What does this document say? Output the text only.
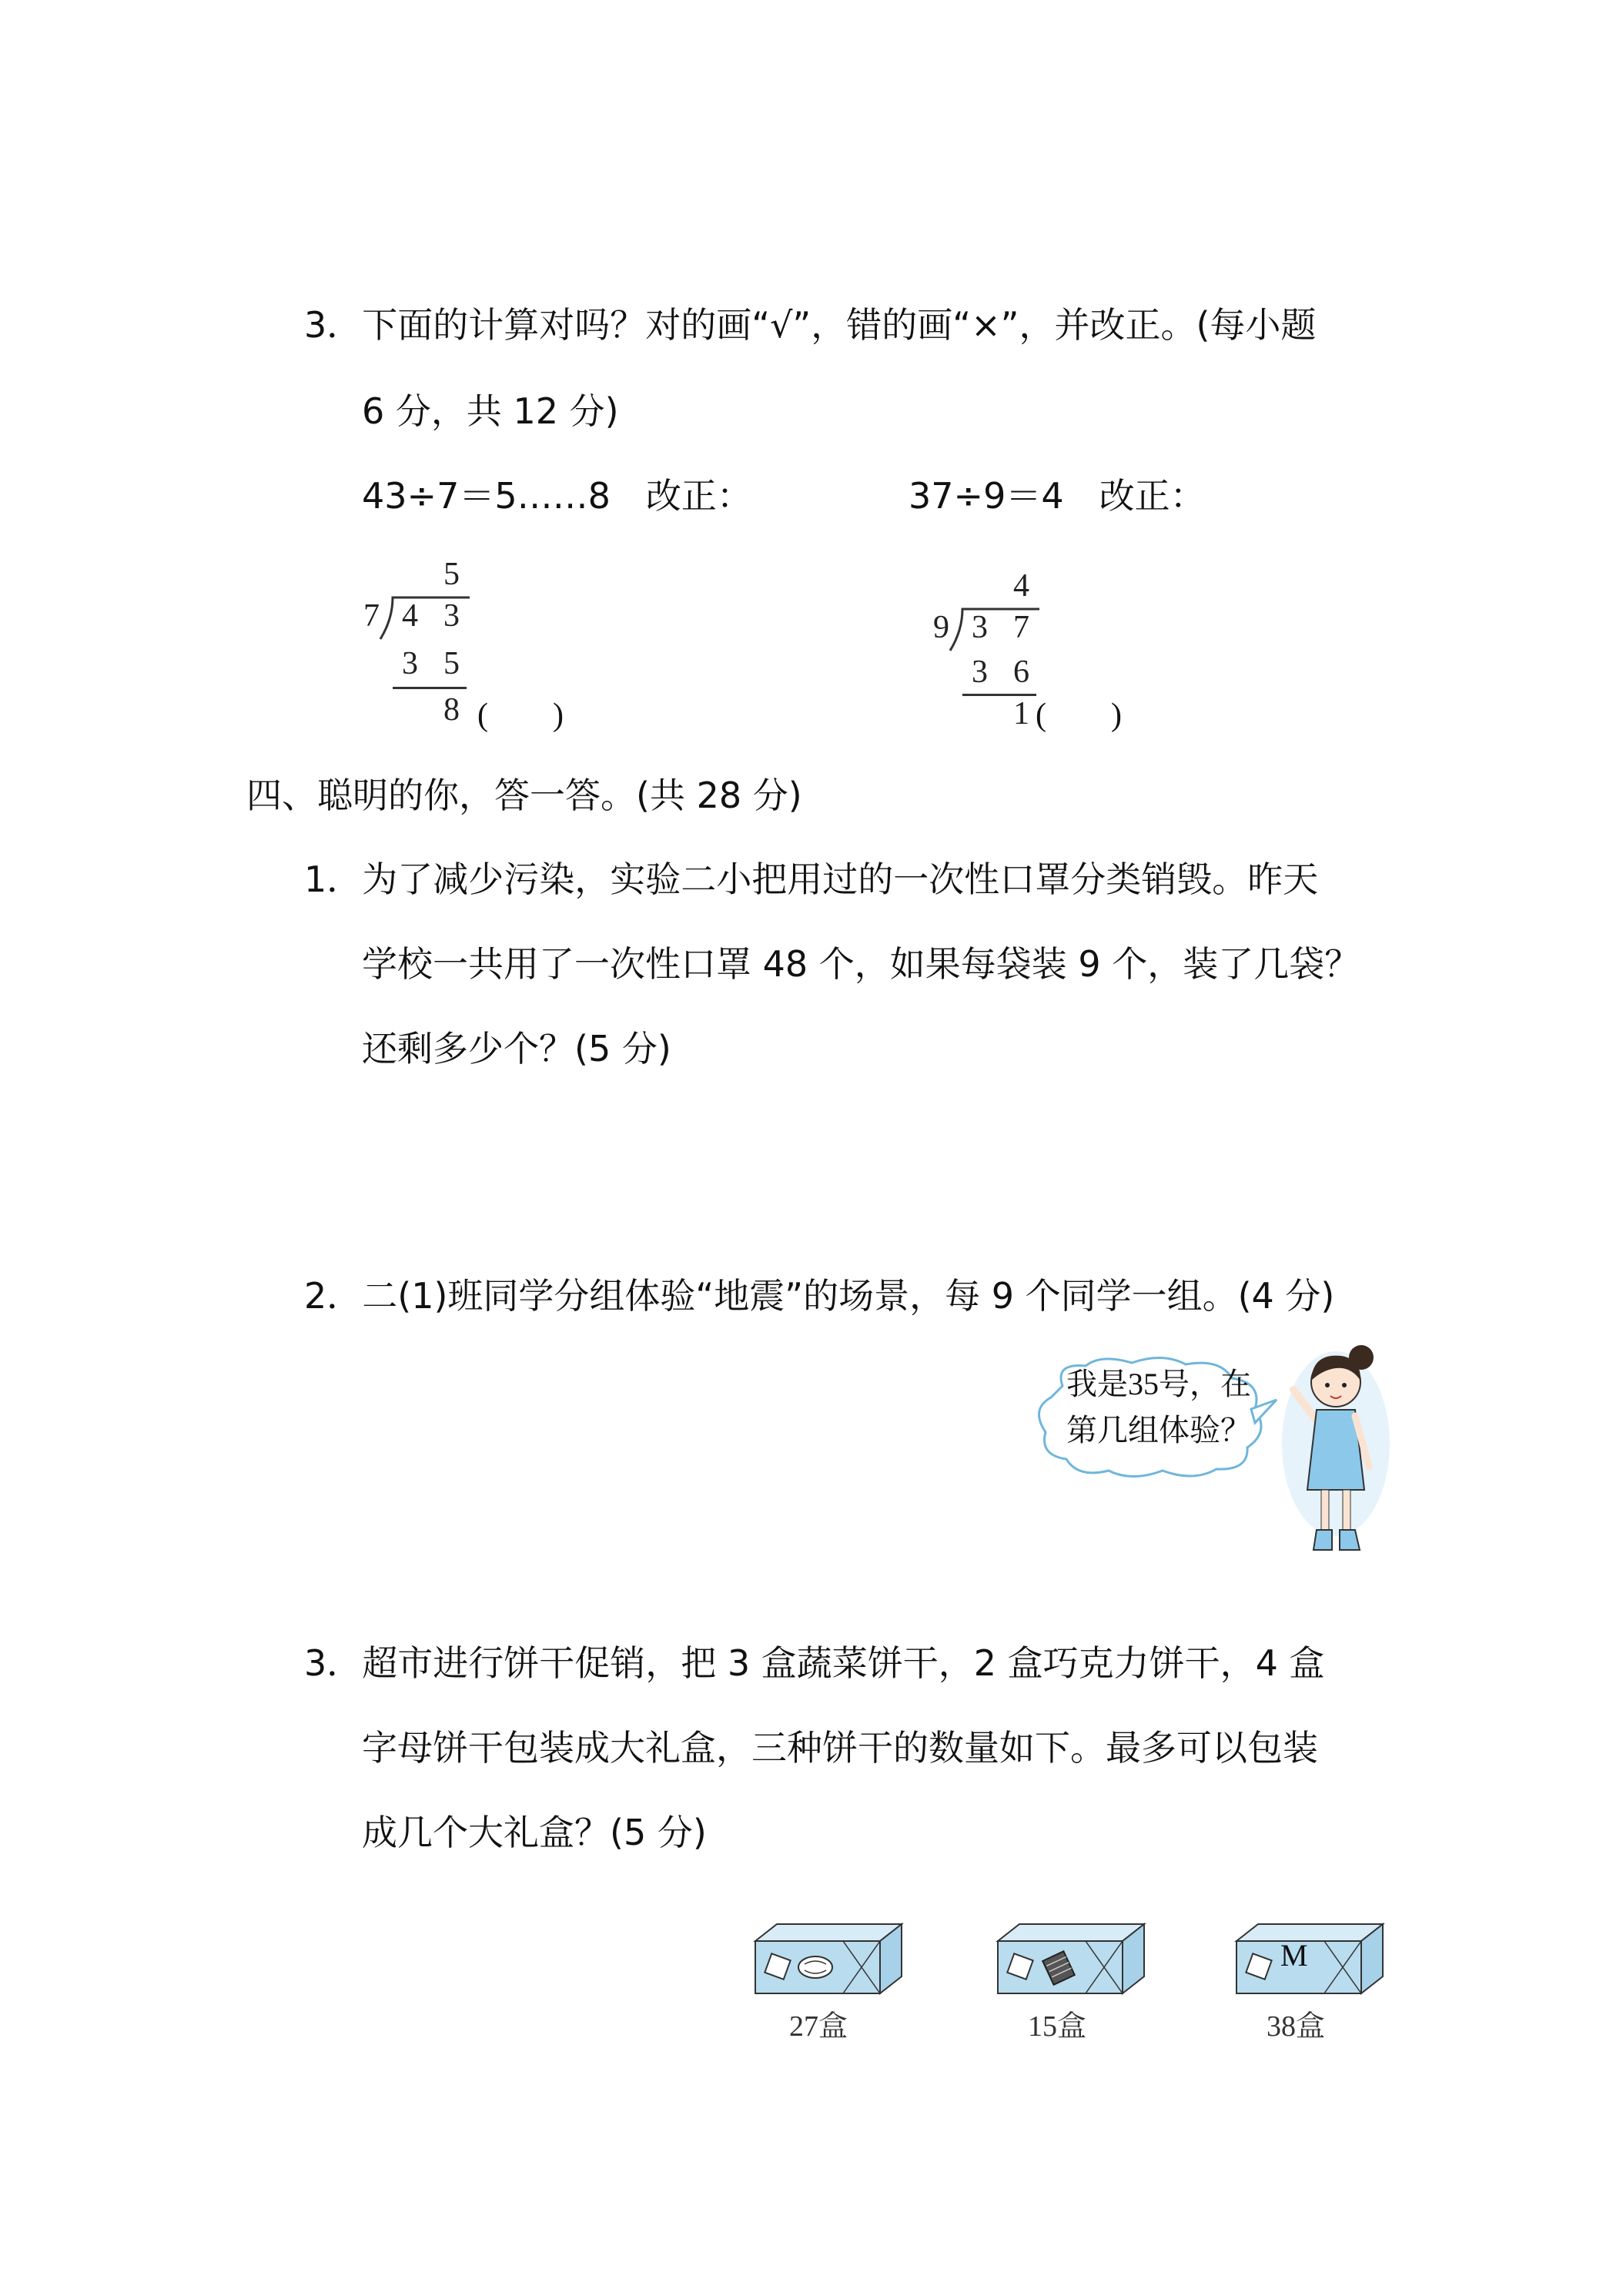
3．下面的计算对吗？对的画“√”，错的画“×”，并改正。(每小题
6 分，共 12 分)
43÷7＝5……8　改正：	37÷9＝4　改正：
5
7 4 3
3 5
8 (　　)
4
9 3 7
3 6
1 (　　)
四、聪明的你，答一答。(共 28 分)
1．为了减少污染，实验二小把用过的一次性口罩分类销毁。昨天
学校一共用了一次性口罩 48 个，如果每袋装 9 个，装了几袋？
还剩多少个？(5 分)
2．二(1)班同学分组体验“地震”的场景，每 9 个同学一组。(4 分)
我是35号，在
第几组体验？
3．超市进行饼干促销，把 3 盒蔬菜饼干，2 盒巧克力饼干，4 盒
字母饼干包装成大礼盒，三种饼干的数量如下。最多可以包装
成几个大礼盒？(5 分)
27盒	15盒
M
38盒
